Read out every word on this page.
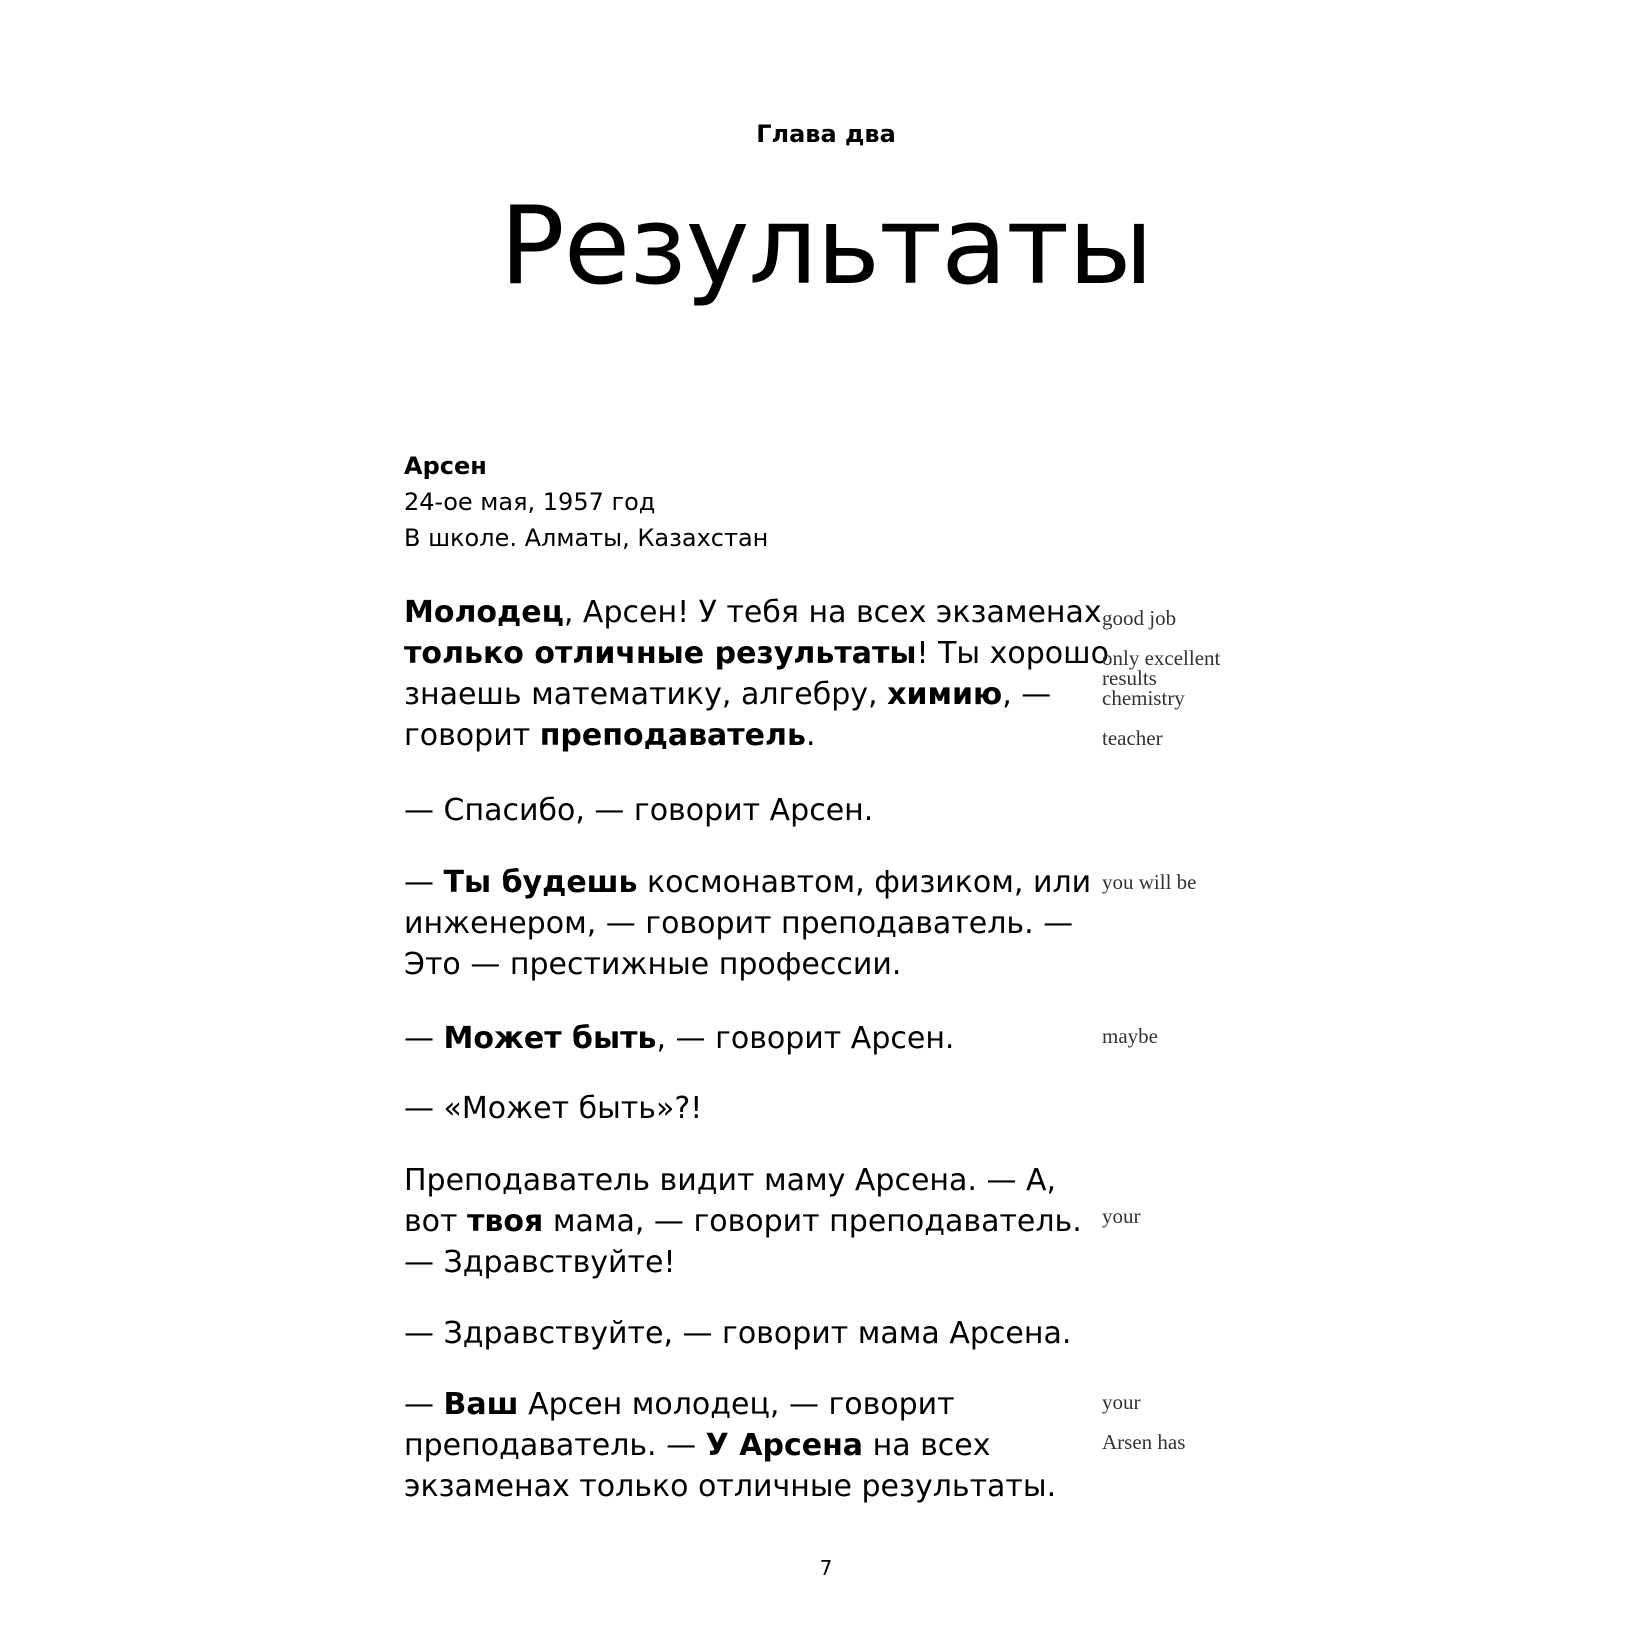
Глава два
Результаты
Арсен
24-ое мая, 1957 год
В школе. Алматы, Казахстан
Молодец, Арсен! У тебя на всех экзаменах
только отличные результаты! Ты хорошо
знаешь математику, алгебру, химию, —
говорит преподаватель.
— Спасибо, — говорит Арсен.
— Ты будешь космонавтом, физиком, или
инженером, — говорит преподаватель. —
Это — престижные профессии.
— Может быть, — говорит Арсен.
— «Может быть»?!
Преподаватель видит маму Арсена. — А,
вот твоя мама, — говорит преподаватель.
— Здравствуйте!
— Здравствуйте, — говорит мама Арсена.
— Ваш Арсен молодец, — говорит
преподаватель. — У Арсена на всех
экзаменах только отличные результаты.
good job
only excellent
results
chemistry
teacher
you will be
maybe
your
your
Arsen has
7
